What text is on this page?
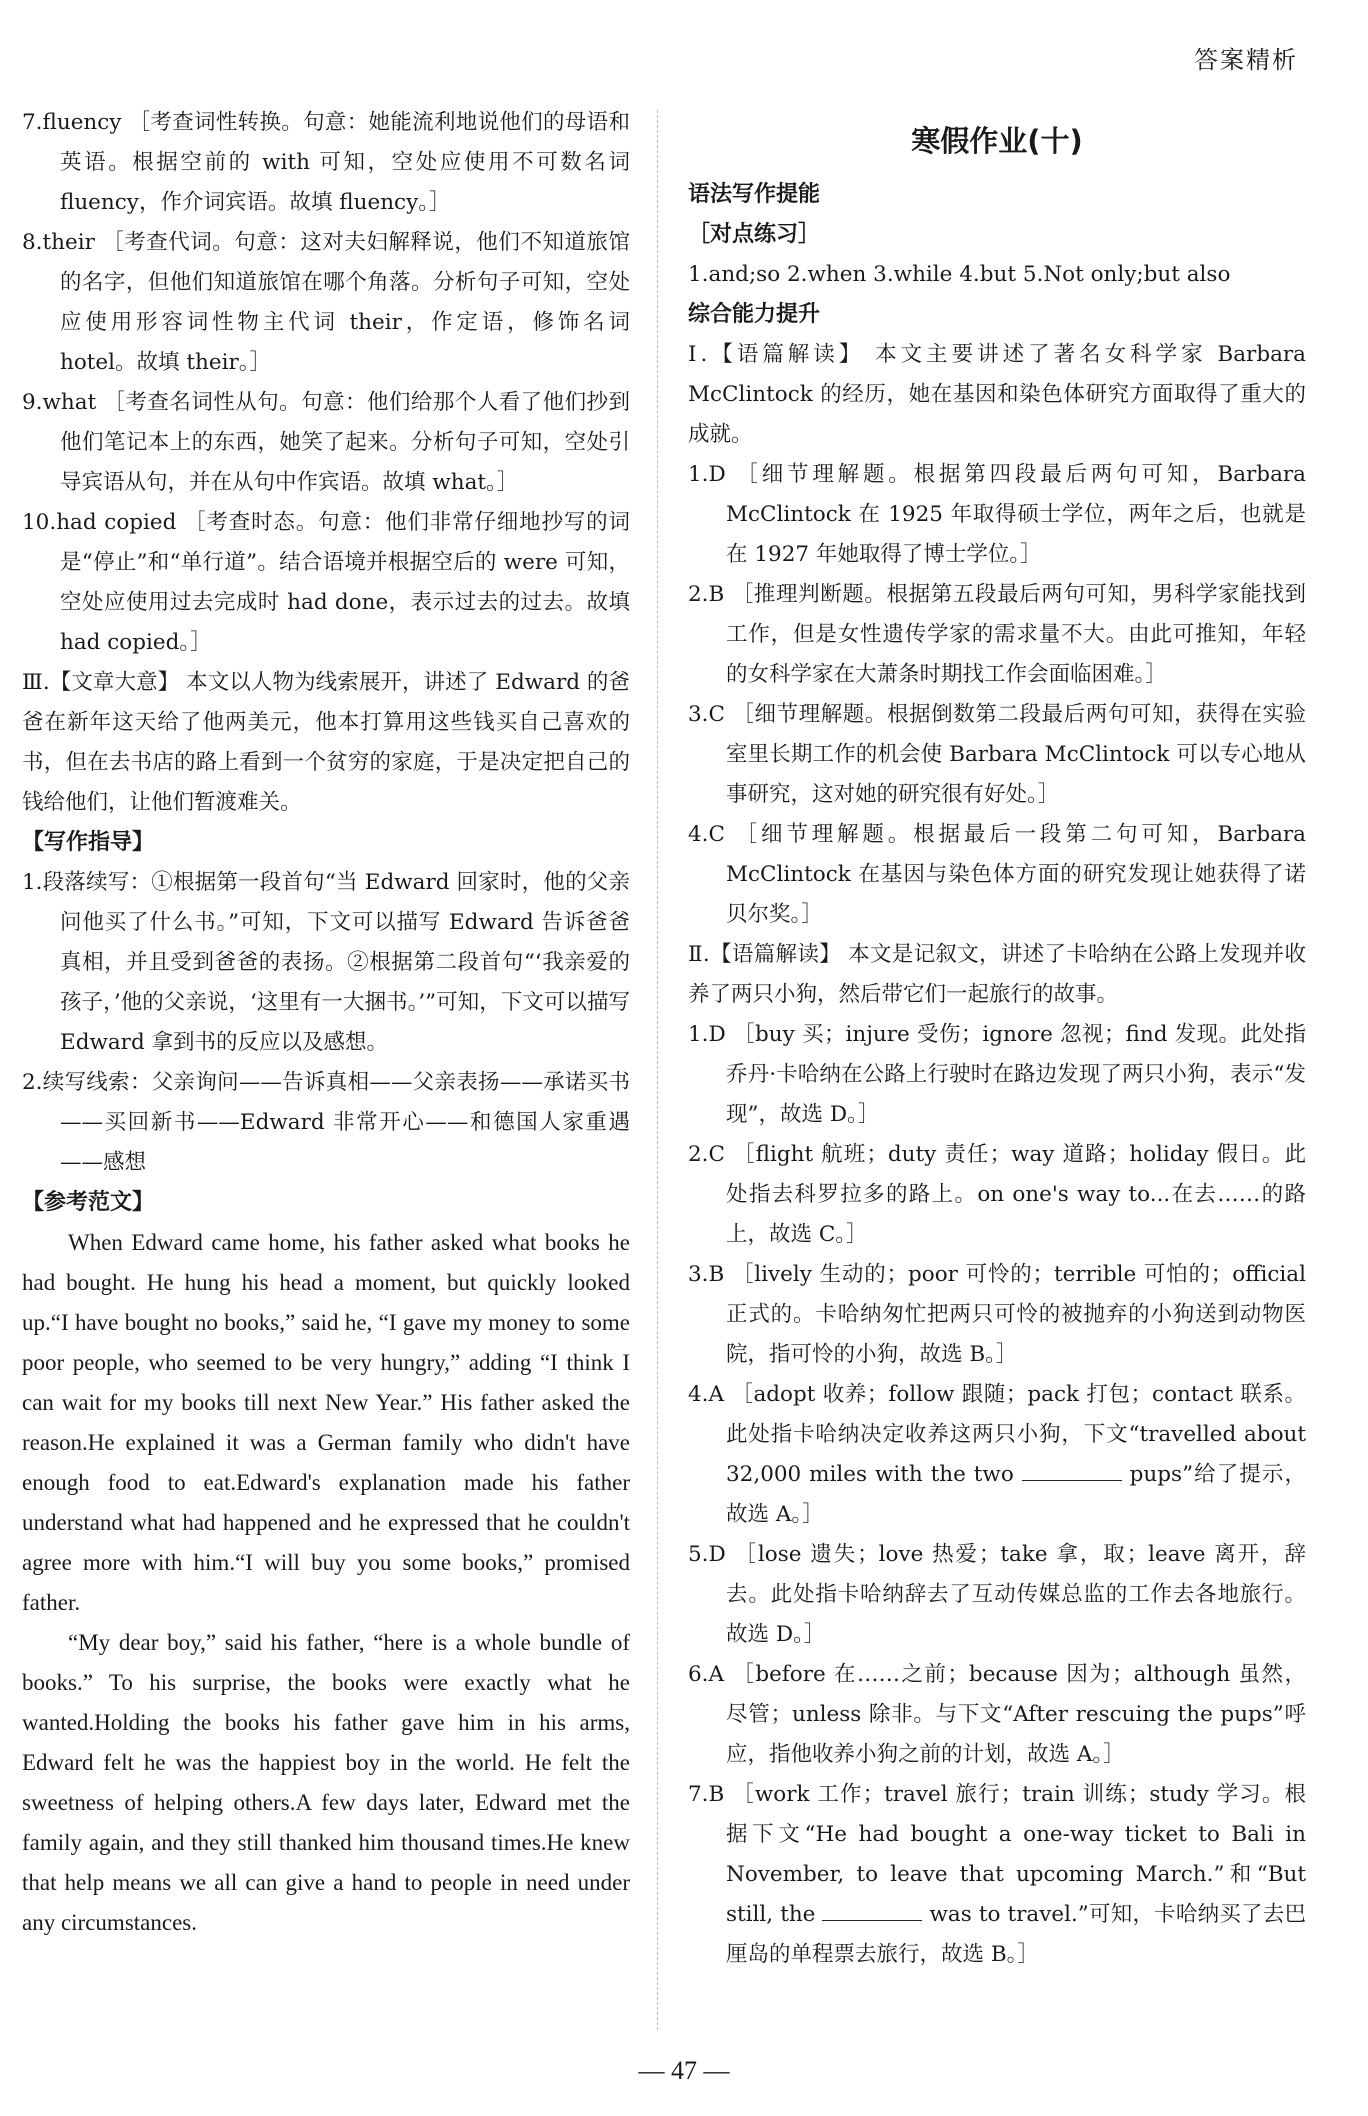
答案精析

7.fluency ［考查词性转换。句意：她能流利地说他们的母语和英语。根据空前的 with 可知，空处应使用不可数名词 fluency，作介词宾语。故填 fluency。］

8.their ［考查代词。句意：这对夫妇解释说，他们不知道旅馆的名字，但他们知道旅馆在哪个角落。分析句子可知，空处应使用形容词性物主代词 their，作定语，修饰名词 hotel。故填 their。］

9.what ［考查名词性从句。句意：他们给那个人看了他们抄到他们笔记本上的东西，她笑了起来。分析句子可知，空处引导宾语从句，并在从句中作宾语。故填 what。］

10.had copied ［考查时态。句意：他们非常仔细地抄写的词是“停止”和“单行道”。结合语境并根据空后的 were 可知，空处应使用过去完成时 had done，表示过去的过去。故填 had copied。］

Ⅲ.【文章大意】 本文以人物为线索展开，讲述了 Edward 的爸爸在新年这天给了他两美元，他本打算用这些钱买自己喜欢的书，但在去书店的路上看到一个贫穷的家庭，于是决定把自己的钱给他们，让他们暂渡难关。

【写作指导】

1.段落续写：①根据第一段首句“当 Edward 回家时，他的父亲问他买了什么书。”可知，下文可以描写 Edward 告诉爸爸真相，并且受到爸爸的表扬。②根据第二段首句“‘我亲爱的孩子，’他的父亲说，‘这里有一大捆书。’”可知，下文可以描写 Edward 拿到书的反应以及感想。

2.续写线索：父亲询问——告诉真相——父亲表扬——承诺买书——买回新书——Edward 非常开心——和德国人家重遇——感想

【参考范文】

When Edward came home, his father asked what books he had bought. He hung his head a moment, but quickly looked up.“I have bought no books,” said he, “I gave my money to some poor people, who seemed to be very hungry,” adding “I think I can wait for my books till next New Year.” His father asked the reason.He explained it was a German family who didn't have enough food to eat.Edward's explanation made his father understand what had happened and he expressed that he couldn't agree more with him.“I will buy you some books,” promised father.

“My dear boy,” said his father, “here is a whole bundle of books.” To his surprise, the books were exactly what he wanted.Holding the books his father gave him in his arms, Edward felt he was the happiest boy in the world. He felt the sweetness of helping others.A few days later, Edward met the family again, and they still thanked him thousand times.He knew that help means we all can give a hand to people in need under any circumstances.

寒假作业(十)

语法写作提能

［对点练习］

1.and;so 2.when 3.while 4.but 5.Not only;but also

综合能力提升

Ⅰ.【语篇解读】 本文主要讲述了著名女科学家 Barbara McClintock 的经历，她在基因和染色体研究方面取得了重大的成就。

1.D ［细节理解题。根据第四段最后两句可知，Barbara McClintock 在 1925 年取得硕士学位，两年之后，也就是在 1927 年她取得了博士学位。］

2.B ［推理判断题。根据第五段最后两句可知，男科学家能找到工作，但是女性遗传学家的需求量不大。由此可推知，年轻的女科学家在大萧条时期找工作会面临困难。］

3.C ［细节理解题。根据倒数第二段最后两句可知，获得在实验室里长期工作的机会使 Barbara McClintock 可以专心地从事研究，这对她的研究很有好处。］

4.C ［细节理解题。根据最后一段第二句可知，Barbara McClintock 在基因与染色体方面的研究发现让她获得了诺贝尔奖。］

Ⅱ.【语篇解读】 本文是记叙文，讲述了卡哈纳在公路上发现并收养了两只小狗，然后带它们一起旅行的故事。

1.D ［buy 买；injure 受伤；ignore 忽视；find 发现。此处指乔丹·卡哈纳在公路上行驶时在路边发现了两只小狗，表示“发现”，故选 D。］

2.C ［flight 航班；duty 责任；way 道路；holiday 假日。此处指去科罗拉多的路上。on one's way to...在去……的路上，故选 C。］

3.B ［lively 生动的；poor 可怜的；terrible 可怕的；official 正式的。卡哈纳匆忙把两只可怜的被抛弃的小狗送到动物医院，指可怜的小狗，故选 B。］

4.A ［adopt 收养；follow 跟随；pack 打包；contact 联系。此处指卡哈纳决定收养这两只小狗，下文“travelled about 32,000 miles with the two	pups”给了提示，故选 A。］

5.D ［lose 遗失；love 热爱；take 拿，取；leave 离开，辞去。此处指卡哈纳辞去了互动传媒总监的工作去各地旅行。故选 D。］

6.A ［before 在……之前；because 因为；although 虽然，尽管；unless 除非。与下文“After rescuing the pups”呼应，指他收养小狗之前的计划，故选 A。］

7.B ［work 工作；travel 旅行；train 训练；study 学习。根据下文“He had bought a one-way ticket to Bali in November, to leave that upcoming March.”和“But still, the	was to travel.”可知，卡哈纳买了去巴厘岛的单程票去旅行，故选 B。］

— 47 —
